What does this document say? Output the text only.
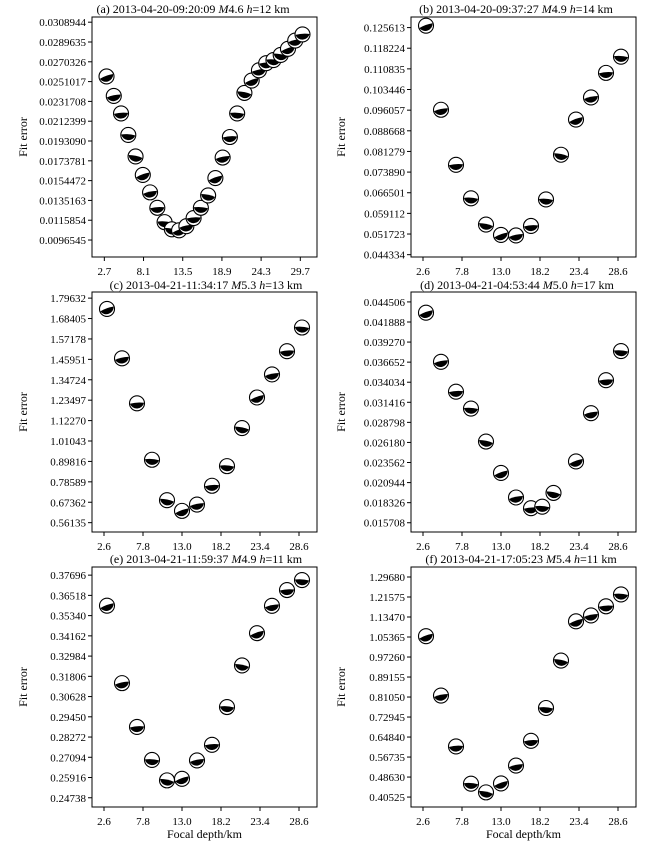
(a) 2013-04-20-09:20:09 M4.6 h=12 km
0.0096545
0.0115854
0.0135163
0.0154472
0.0173781
0.0193090
0.0212399
0.0231708
0.0251017
0.0270326
0.0289635
0.0308944
2.7 8.1 13.5 18.9 24.3 29.7
Fit error
(b) 2013-04-20-09:37:27 M4.9 h=14 km
0.044334
0.051723
0.059112
0.066501
0.073890
0.081279
0.088668
0.096057
0.103446
0.110835
0.118224
0.125613
2.6 7.8 13.0 18.2 23.4 28.6
Fit error
(c) 2013-04-21-11:34:17 M5.3 h=13 km
0.56135
0.67362
0.78589
0.89816
1.01043
1.12270
1.23497
1.34724
1.45951
1.57178
1.68405
1.79632
2.6 7.8 13.0 18.2 23.4 28.6
Fit error
(d) 2013-04-21-04:53:44 M5.0 h=17 km
0.015708
0.018326
0.020944
0.023562
0.026180
0.028798
0.031416
0.034034
0.036652
0.039270
0.041888
0.044506
2.6 7.8 13.0 18.2 23.4 28.6
Fit error
(e) 2013-04-21-11:59:37 M4.9 h=11 km
0.24738
0.25916
0.27094
0.28272
0.29450
0.30628
0.31806
0.32984
0.34162
0.35340
0.36518
0.37696
2.6 7.8 13.0 18.2 23.4 28.6
Fit error
Focal depth/km
(f) 2013-04-21-17:05:23 M5.4 h=11 km
0.40525
0.48630
0.56735
0.64840
0.72945
0.81050
0.89155
0.97260
1.05365
1.13470
1.21575
1.29680
2.6 7.8 13.0 18.2 23.4 28.6
Fit error
Focal depth/km
